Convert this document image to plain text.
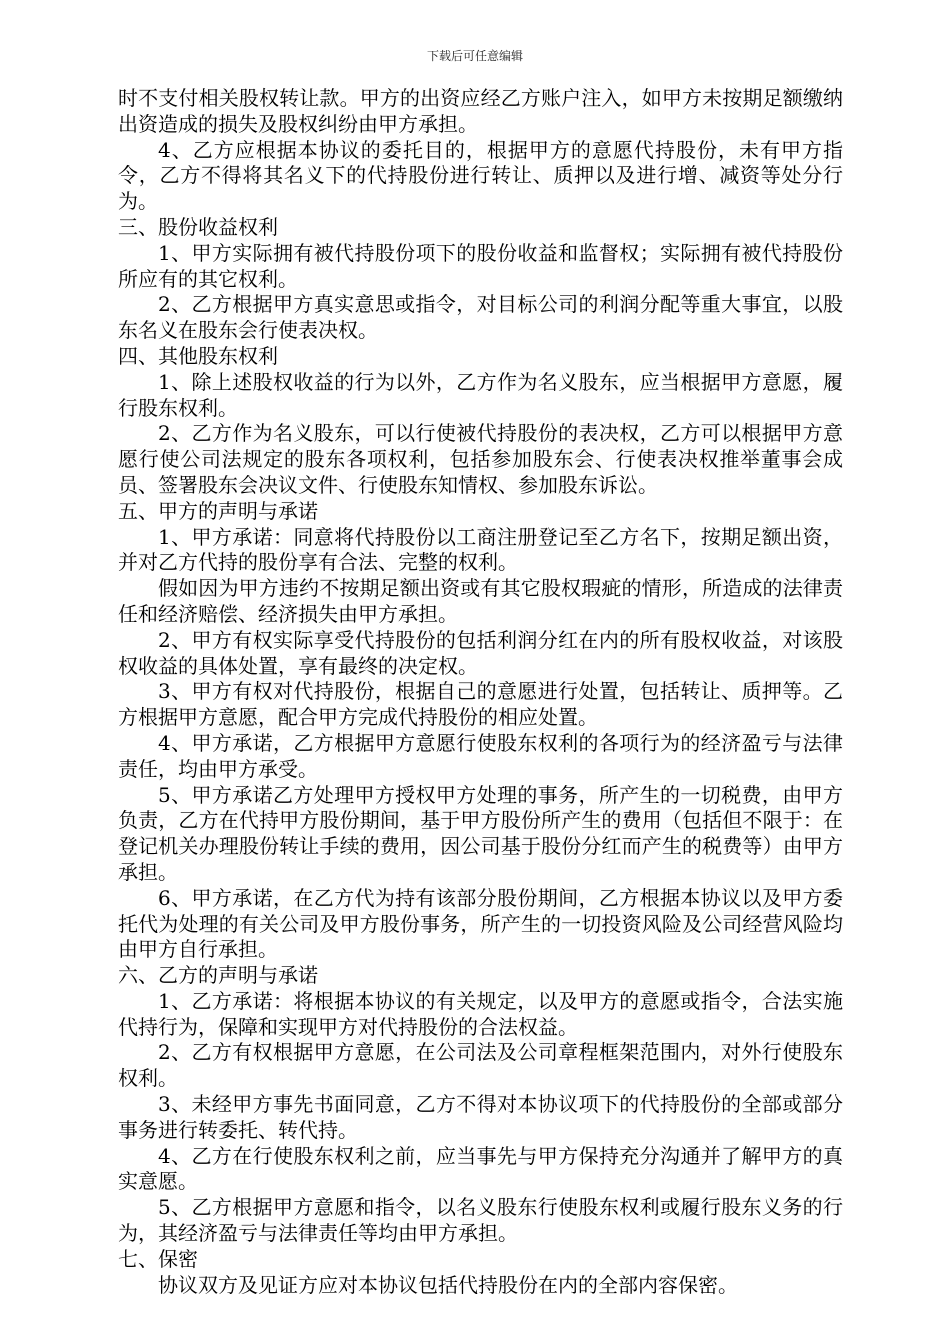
下载后可任意编辑

时不支付相关股权转让款。甲方的出资应经乙方账户注入，如甲方未按期足额缴纳出资造成的损失及股权纠纷由甲方承担。

4、乙方应根据本协议的委托目的，根据甲方的意愿代持股份，未有甲方指令，乙方不得将其名义下的代持股份进行转让、质押以及进行增、减资等处分行为。

三、股份收益权利

1、甲方实际拥有被代持股份项下的股份收益和监督权；实际拥有被代持股份所应有的其它权利。

2、乙方根据甲方真实意思或指令，对目标公司的利润分配等重大事宜，以股东名义在股东会行使表决权。

四、其他股东权利

1、除上述股权收益的行为以外，乙方作为名义股东，应当根据甲方意愿，履行股东权利。

2、乙方作为名义股东，可以行使被代持股份的表决权，乙方可以根据甲方意愿行使公司法规定的股东各项权利，包括参加股东会、行使表决权推举董事会成员、签署股东会决议文件、行使股东知情权、参加股东诉讼。

五、甲方的声明与承诺

1、甲方承诺：同意将代持股份以工商注册登记至乙方名下，按期足额出资，并对乙方代持的股份享有合法、完整的权利。

假如因为甲方违约不按期足额出资或有其它股权瑕疵的情形，所造成的法律责任和经济赔偿、经济损失由甲方承担。

2、甲方有权实际享受代持股份的包括利润分红在内的所有股权收益，对该股权收益的具体处置，享有最终的决定权。

3、甲方有权对代持股份，根据自己的意愿进行处置，包括转让、质押等。乙方根据甲方意愿，配合甲方完成代持股份的相应处置。

4、甲方承诺，乙方根据甲方意愿行使股东权利的各项行为的经济盈亏与法律责任，均由甲方承受。

5、甲方承诺乙方处理甲方授权甲方处理的事务，所产生的一切税费，由甲方负责，乙方在代持甲方股份期间，基于甲方股份所产生的费用（包括但不限于：在登记机关办理股份转让手续的费用，因公司基于股份分红而产生的税费等）由甲方承担。

6、甲方承诺，在乙方代为持有该部分股份期间，乙方根据本协议以及甲方委托代为处理的有关公司及甲方股份事务，所产生的一切投资风险及公司经营风险均由甲方自行承担。

六、乙方的声明与承诺

1、乙方承诺：将根据本协议的有关规定，以及甲方的意愿或指令，合法实施代持行为，保障和实现甲方对代持股份的合法权益。

2、乙方有权根据甲方意愿，在公司法及公司章程框架范围内，对外行使股东权利。

3、未经甲方事先书面同意，乙方不得对本协议项下的代持股份的全部或部分事务进行转委托、转代持。

4、乙方在行使股东权利之前，应当事先与甲方保持充分沟通并了解甲方的真实意愿。

5、乙方根据甲方意愿和指令，以名义股东行使股东权利或履行股东义务的行为，其经济盈亏与法律责任等均由甲方承担。

七、保密

协议双方及见证方应对本协议包括代持股份在内的全部内容保密。
